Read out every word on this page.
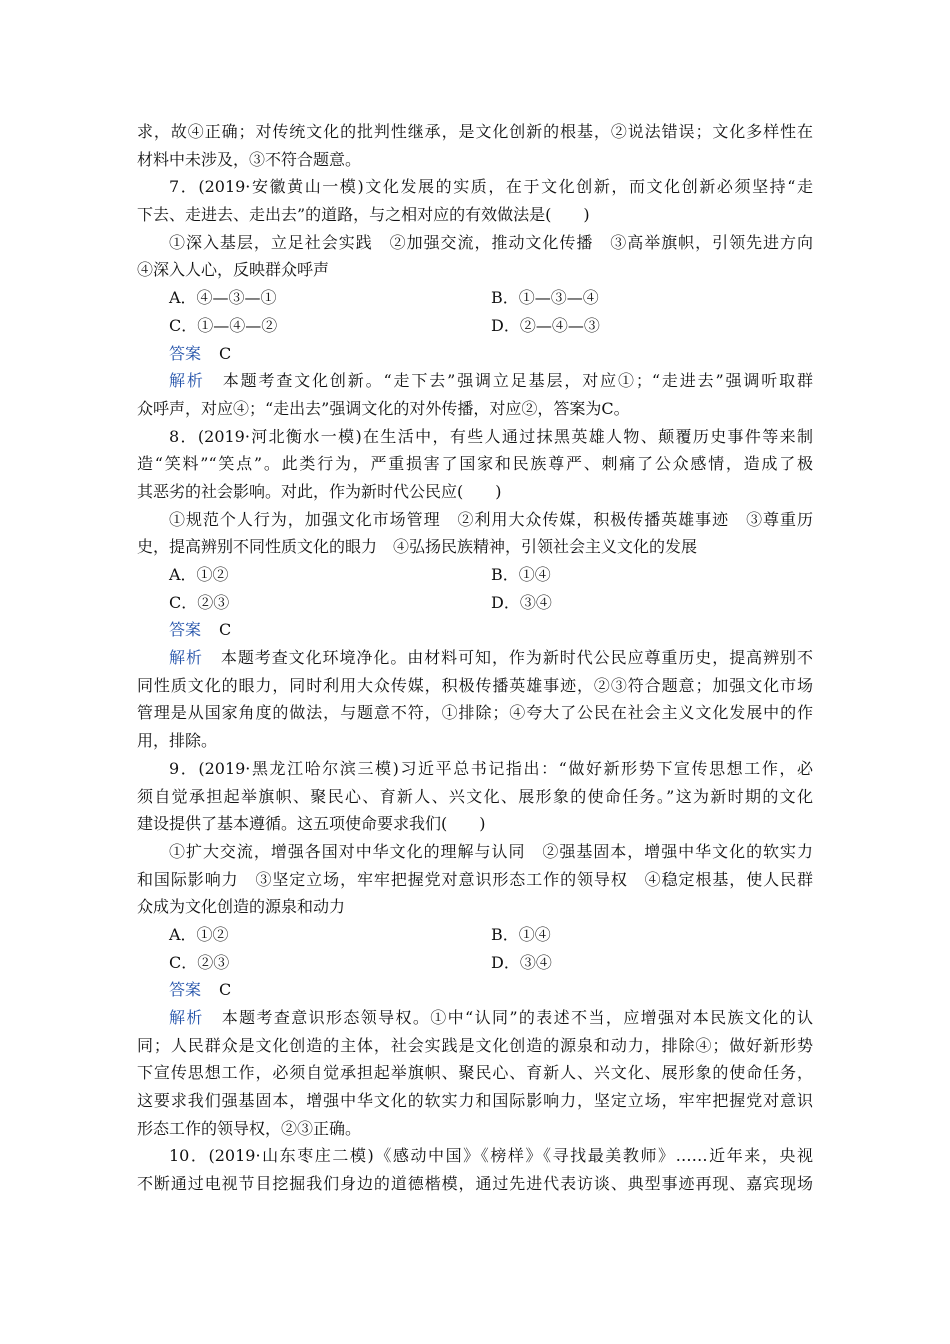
求，故④正确；对传统文化的批判性继承，是文化创新的根基，②说法错误；文化多样性在
材料中未涉及，③不符合题意。
7．(2019·安徽黄山一模)文化发展的实质，在于文化创新，而文化创新必须坚持“走
下去、走进去、走出去”的道路，与之相对应的有效做法是(　　)
①深入基层，立足社会实践　②加强交流，推动文化传播　③高举旗帜，引领先进方向
④深入人心，反映群众呼声
A．④—③—①	B．①—③—④
C．①—④—②	D．②—④—③
答案 C
解析 本题考查文化创新。“走下去”强调立足基层，对应①；“走进去”强调听取群
众呼声，对应④；“走出去”强调文化的对外传播，对应②，答案为C。
8．(2019·河北衡水一模)在生活中，有些人通过抹黑英雄人物、颠覆历史事件等来制
造“笑料”“笑点”。此类行为，严重损害了国家和民族尊严、刺痛了公众感情，造成了极
其恶劣的社会影响。对此，作为新时代公民应(　　)
①规范个人行为，加强文化市场管理　②利用大众传媒，积极传播英雄事迹　③尊重历
史，提高辨别不同性质文化的眼力　④弘扬民族精神，引领社会主义文化的发展
A．①②	B．①④
C．②③	D．③④
答案 C
解析 本题考查文化环境净化。由材料可知，作为新时代公民应尊重历史，提高辨别不
同性质文化的眼力，同时利用大众传媒，积极传播英雄事迹，②③符合题意；加强文化市场
管理是从国家角度的做法，与题意不符，①排除；④夸大了公民在社会主义文化发展中的作
用，排除。
9．(2019·黑龙江哈尔滨三模)习近平总书记指出：“做好新形势下宣传思想工作，必
须自觉承担起举旗帜、聚民心、育新人、兴文化、展形象的使命任务。”这为新时期的文化
建设提供了基本遵循。这五项使命要求我们(　　)
①扩大交流，增强各国对中华文化的理解与认同　②强基固本，增强中华文化的软实力
和国际影响力　③坚定立场，牢牢把握党对意识形态工作的领导权　④稳定根基，使人民群
众成为文化创造的源泉和动力
A．①②	B．①④
C．②③	D．③④
答案 C
解析 本题考查意识形态领导权。①中“认同”的表述不当，应增强对本民族文化的认
同；人民群众是文化创造的主体，社会实践是文化创造的源泉和动力，排除④；做好新形势
下宣传思想工作，必须自觉承担起举旗帜、聚民心、育新人、兴文化、展形象的使命任务，
这要求我们强基固本，增强中华文化的软实力和国际影响力，坚定立场，牢牢把握党对意识
形态工作的领导权，②③正确。
10．(2019·山东枣庄二模)《感动中国》《榜样》《寻找最美教师》……近年来，央视
不断通过电视节目挖掘我们身边的道德楷模，通过先进代表访谈、典型事迹再现、嘉宾现场
